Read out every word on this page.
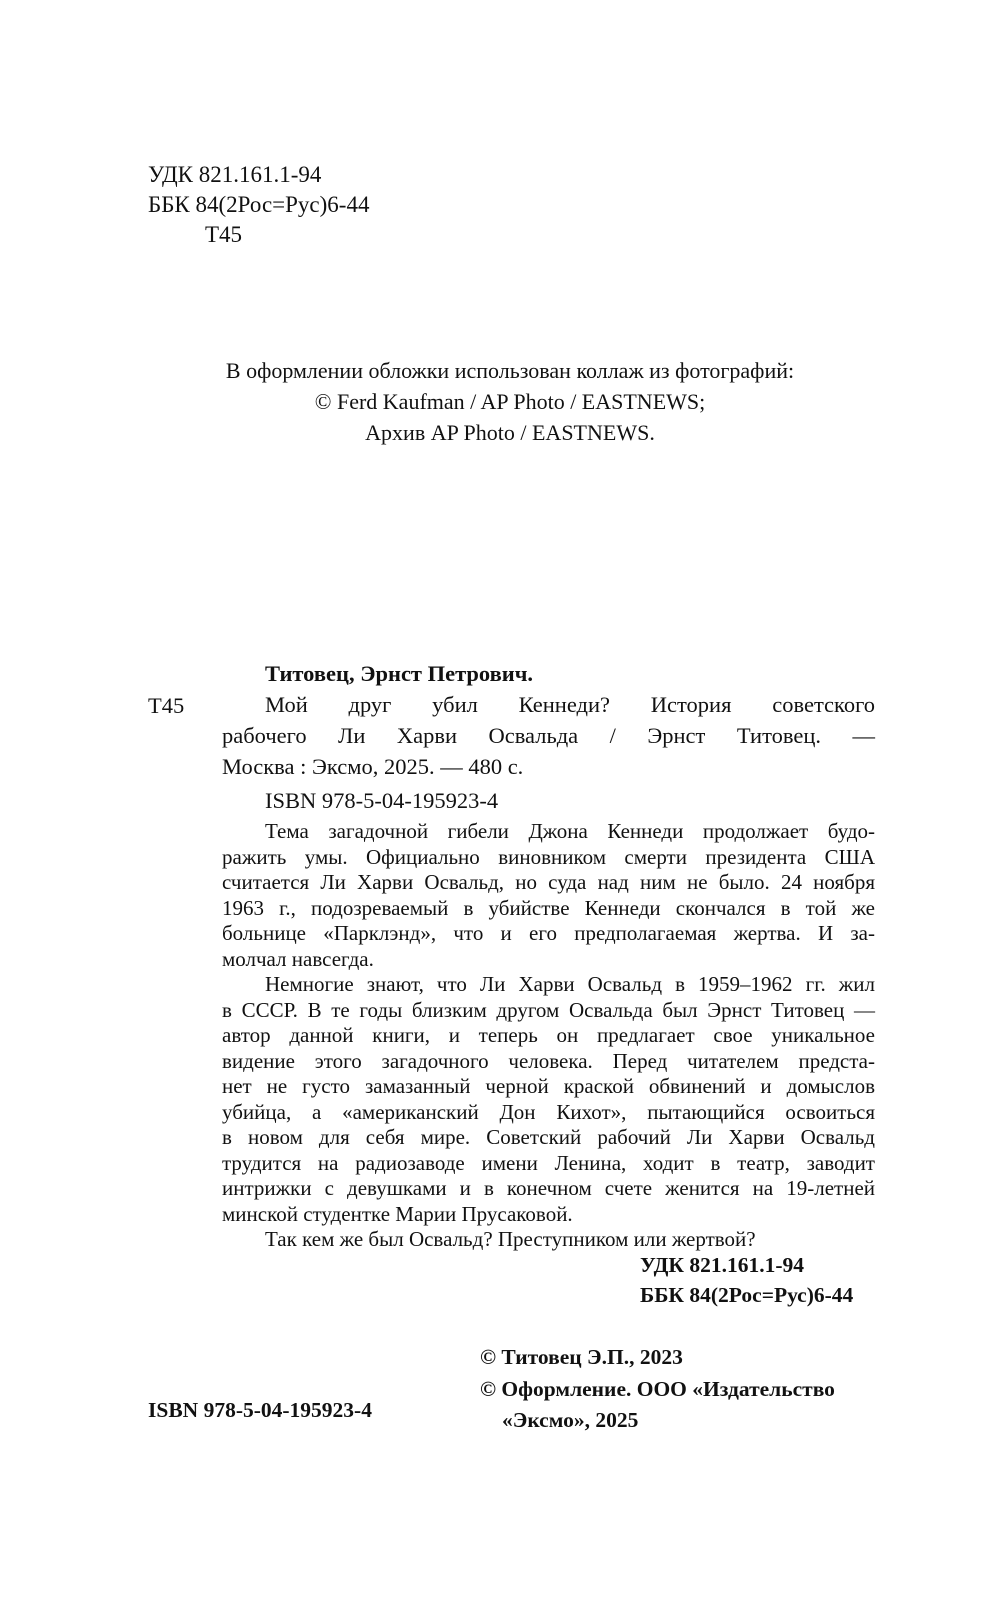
УДК 821.161.1-94
ББК 84(2Рос=Рус)6-44
Т45
В оформлении обложки использован коллаж из фотографий:
© Ferd Kaufman / AP Photo / EASTNEWS;
Архив AP Photo / EASTNEWS.
Т45
Титовец, Эрнст Петрович.
Мой друг убил Кеннеди? История советского
рабочего Ли Харви Освальда / Эрнст Титовец. —
Москва : Эксмо, 2025. — 480 с.
ISBN 978-5-04-195923-4
Тема загадочной гибели Джона Кеннеди продолжает будо-
ражить умы. Официально виновником смерти президента США
считается Ли Харви Освальд, но суда над ним не было. 24 ноября
1963 г., подозреваемый в убийстве Кеннеди скончался в той же
больнице «Парклэнд», что и его предполагаемая жертва. И за-
молчал навсегда.
Немногие знают, что Ли Харви Освальд в 1959–1962 гг. жил
в СССР. В те годы близким другом Освальда был Эрнст Титовец —
автор данной книги, и теперь он предлагает свое уникальное
видение этого загадочного человека. Перед читателем предста-
нет не густо замазанный черной краской обвинений и домыслов
убийца, а «американский Дон Кихот», пытающийся освоиться
в новом для себя мире. Советский рабочий Ли Харви Освальд
трудится на радиозаводе имени Ленина, ходит в театр, заводит
интрижки с девушками и в конечном счете женится на 19-летней
минской студентке Марии Прусаковой.
Так кем же был Освальд? Преступником или жертвой?
УДК 821.161.1-94
ББК 84(2Рос=Рус)6-44
© Титовец Э.П., 2023
© Оформление. ООО «Издательство
«Эксмо», 2025
ISBN 978-5-04-195923-4
